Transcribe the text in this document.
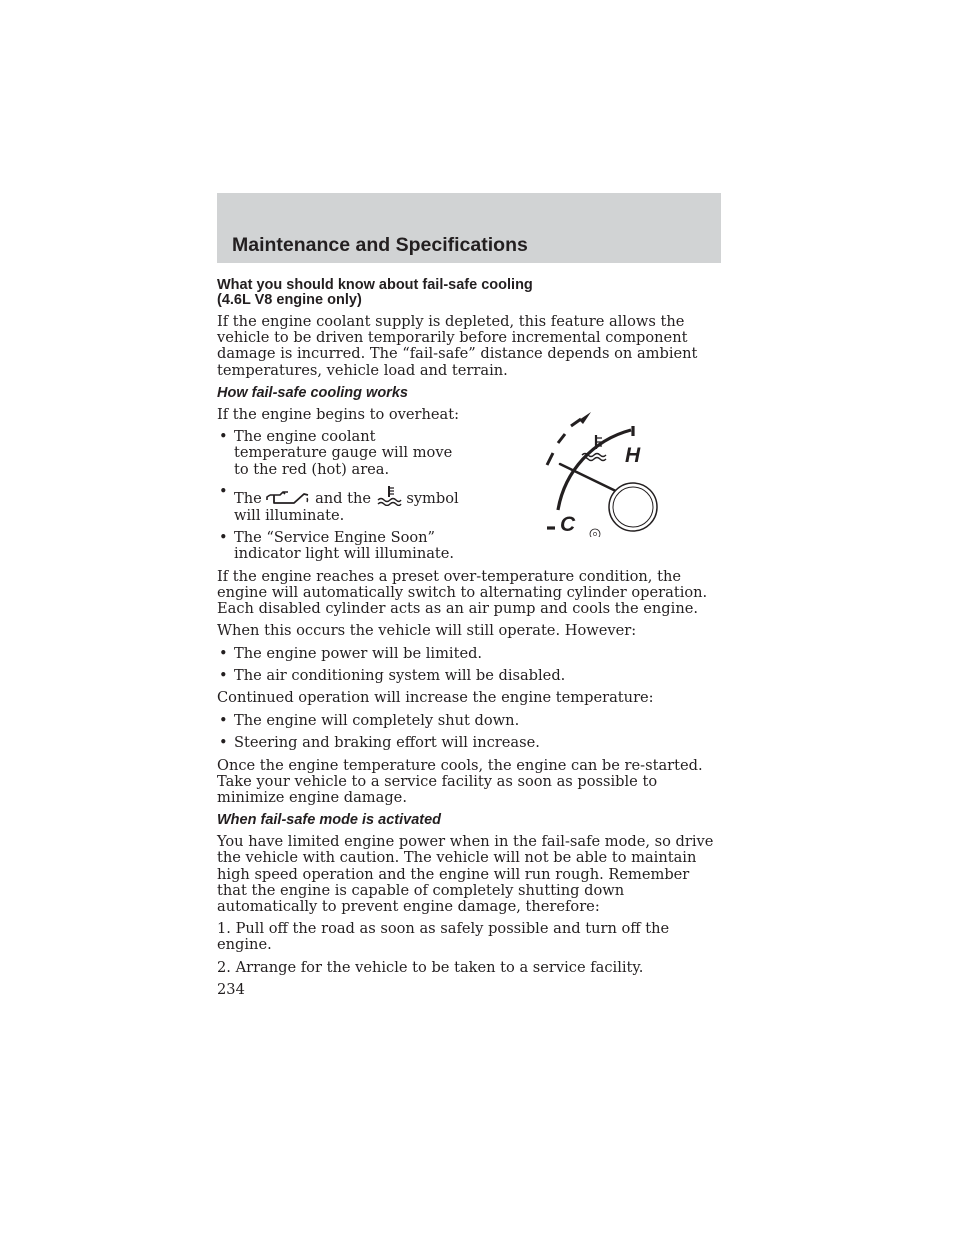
Maintenance and Specifications
What you should know about fail-safe cooling
(4.6L V8 engine only)

If the engine coolant supply is depleted, this feature allows the vehicle to be driven temporarily before incremental component damage is incurred. The “fail-safe” distance depends on ambient temperatures, vehicle load and terrain.

How fail-safe cooling works

If the engine begins to overheat:

• The engine coolant temperature gauge will move to the red (hot) area.
• The	and the symbol will illuminate.
• The “Service Engine Soon” indicator light will illuminate.
H
C

If the engine reaches a preset over-temperature condition, the engine will automatically switch to alternating cylinder operation. Each disabled cylinder acts as an air pump and cools the engine.

When this occurs the vehicle will still operate. However:

• The engine power will be limited.
• The air conditioning system will be disabled.

Continued operation will increase the engine temperature:

• The engine will completely shut down.
• Steering and braking effort will increase.

Once the engine temperature cools, the engine can be re-started. Take your vehicle to a service facility as soon as possible to minimize engine damage.

When fail-safe mode is activated

You have limited engine power when in the fail-safe mode, so drive the vehicle with caution. The vehicle will not be able to maintain high speed operation and the engine will run rough. Remember that the engine is capable of completely shutting down automatically to prevent engine damage, therefore:

1. Pull off the road as soon as safely possible and turn off the engine.
2. Arrange for the vehicle to be taken to a service facility.

234
